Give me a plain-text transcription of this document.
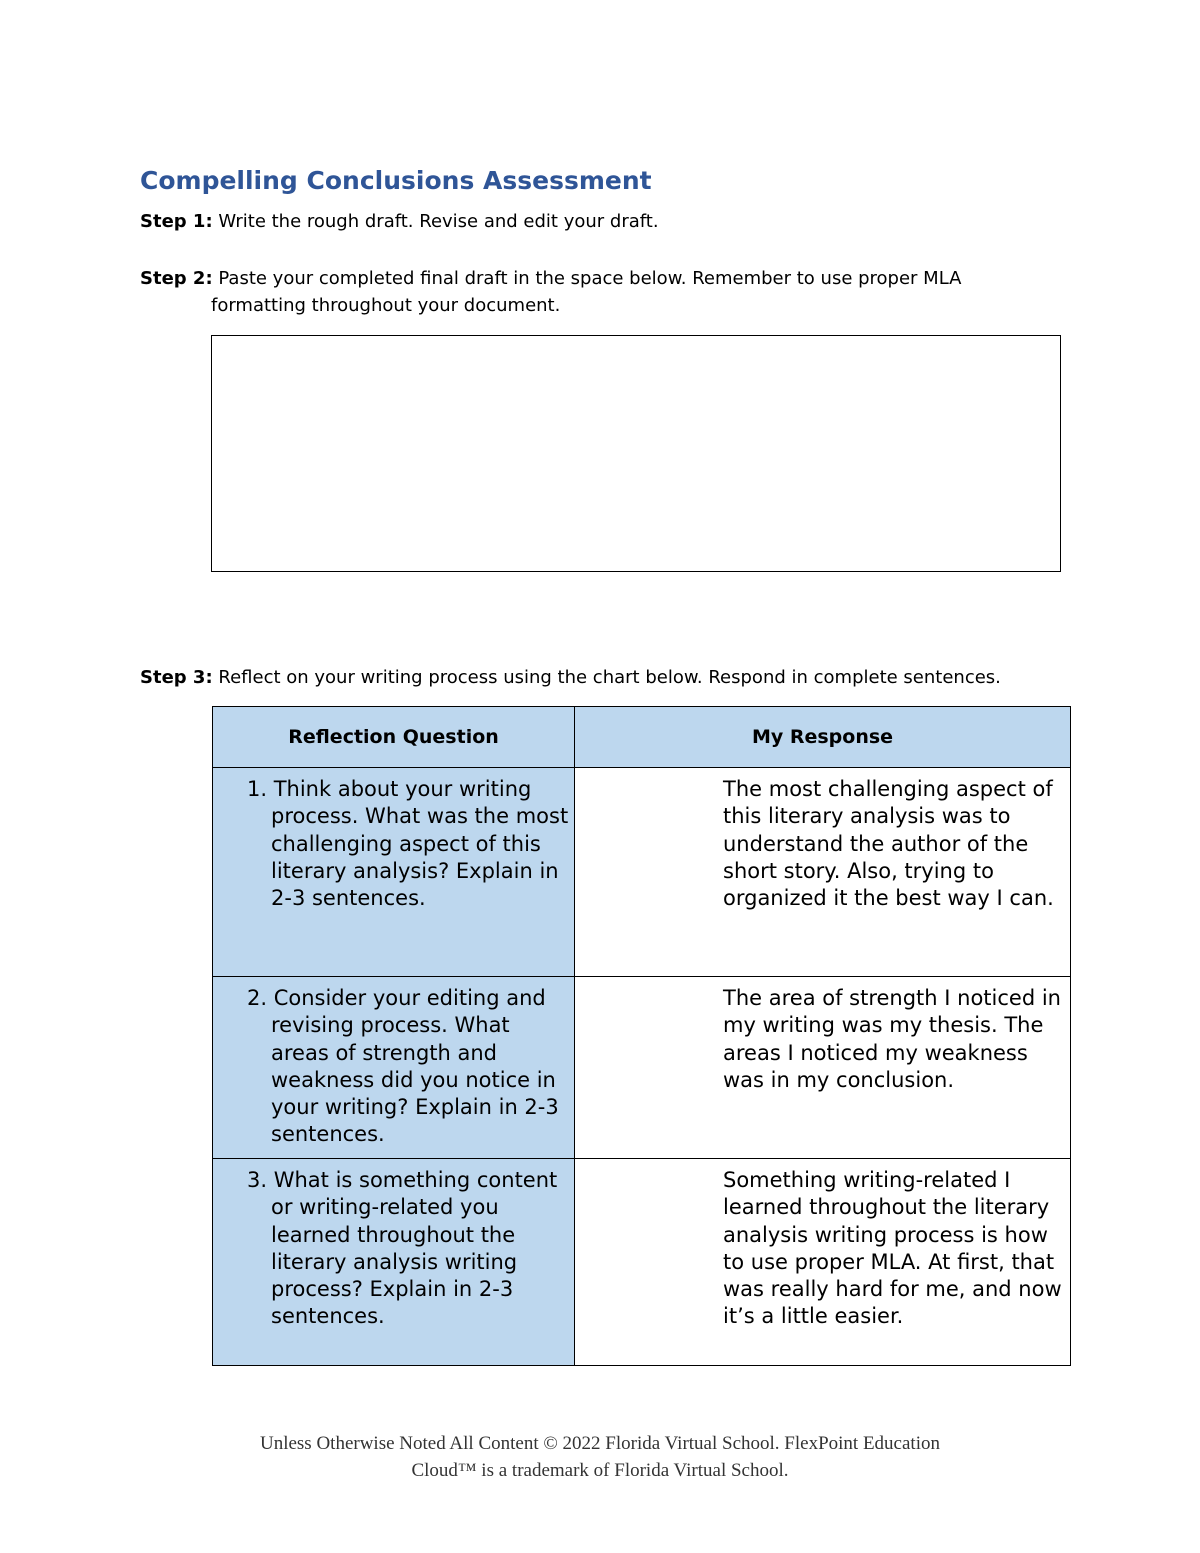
Compelling Conclusions Assessment
Step 1: Write the rough draft. Revise and edit your draft.
Step 2: Paste your completed final draft in the space below. Remember to use proper MLA
formatting throughout your document.
Step 3: Reflect on your writing process using the chart below. Respond in complete sentences.
Reflection Question	My Response

1. Think about your writing process. What was the most challenging aspect of this literary analysis? Explain in 2-3 sentences.	The most challenging aspect of this literary analysis was to understand the author of the short story. Also, trying to organized it the best way I can.

2. Consider your editing and revising process. What areas of strength and weakness did you notice in your writing? Explain in 2-3 sentences.	The area of strength I noticed in my writing was my thesis. The areas I noticed my weakness was in my conclusion.

3. What is something content or writing-related you learned throughout the literary analysis writing process? Explain in 2-3 sentences.	Something writing-related I learned throughout the literary analysis writing process is how to use proper MLA. At first, that was really hard for me, and now it’s a little easier.
Unless Otherwise Noted All Content © 2022 Florida Virtual School. FlexPoint Education
Cloud™ is a trademark of Florida Virtual School.
